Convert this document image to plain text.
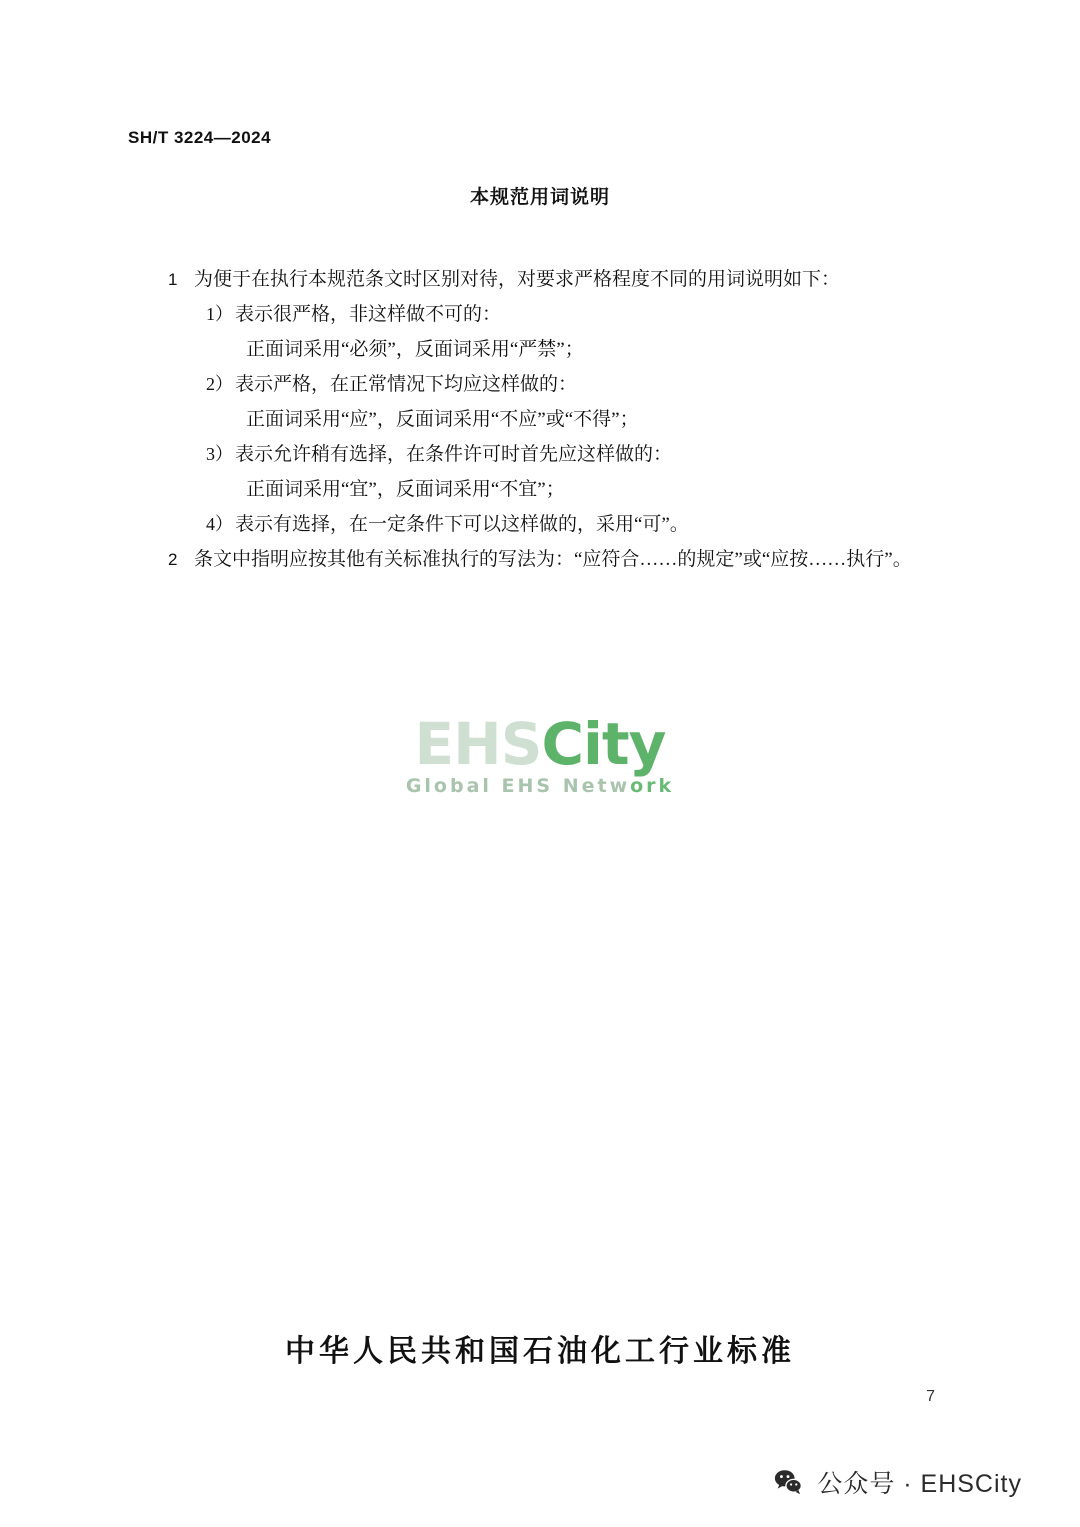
SH/T 3224—2024
本规范用词说明
1 为便于在执行本规范条文时区别对待，对要求严格程度不同的用词说明如下：
1） 表示很严格，非这样做不可的：
正面词采用“必须”，反面词采用“严禁”；
2） 表示严格，在正常情况下均应这样做的：
正面词采用“应”，反面词采用“不应”或“不得”；
3） 表示允许稍有选择，在条件许可时首先应这样做的：
正面词采用“宜”，反面词采用“不宜”；
4） 表示有选择，在一定条件下可以这样做的，采用“可”。
2 条文中指明应按其他有关标准执行的写法为：“应符合……的规定”或“应按……执行”。
EHSCity
Global EHS Network
中华人民共和国石油化工行业标准
7
公众号 · EHSCity
